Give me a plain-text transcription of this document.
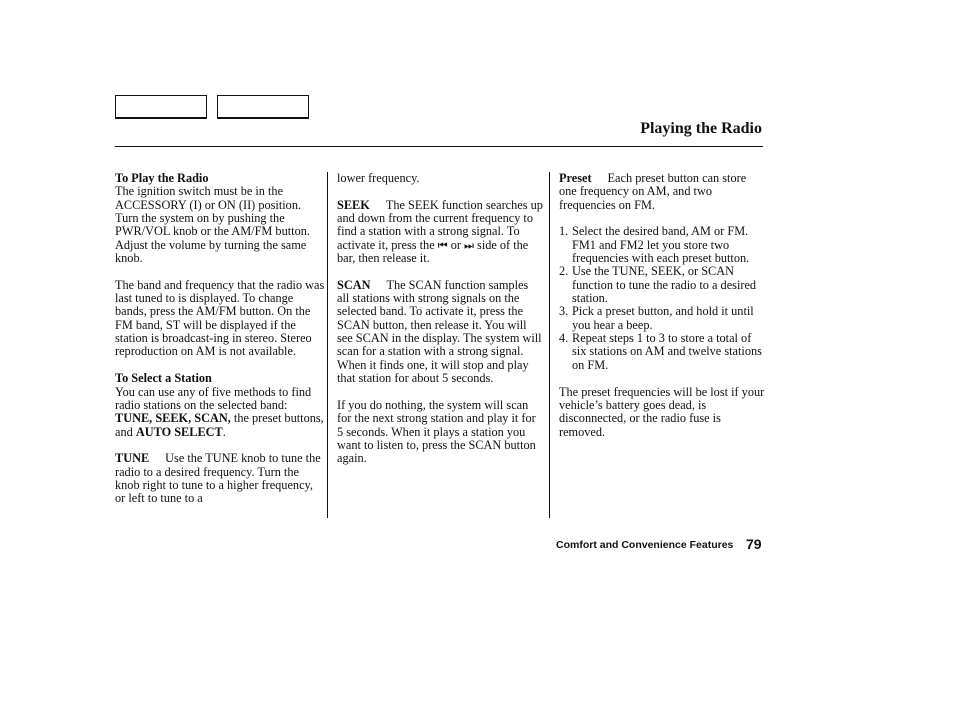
Playing the Radio
To Play the Radio

The ignition switch must be in the ACCESSORY (I) or ON (II) position. Turn the system on by pushing the PWR/VOL knob or the AM/FM button. Adjust the volume by turning the same knob.

The band and frequency that the radio was last tuned to is displayed. To change bands, press the AM/FM button. On the FM band, ST will be displayed if the station is broadcast-ing in stereo. Stereo reproduction on AM is not available.

To Select a Station

You can use any of five methods to find radio stations on the selected band: TUNE, SEEK, SCAN, the preset buttons, and AUTO SELECT.

TUNE Use the TUNE knob to tune the radio to a desired frequency. Turn the knob right to tune to a higher frequency, or left to tune to a

lower frequency.

SEEK The SEEK function searches up and down from the current frequency to find a station with a strong signal. To activate it, press the ⏮ or ⏭ side of the bar, then release it.

SCAN The SCAN function samples all stations with strong signals on the selected band. To activate it, press the SCAN button, then release it. You will see SCAN in the display. The system will scan for a station with a strong signal. When it finds one, it will stop and play that station for about 5 seconds.

If you do nothing, the system will scan for the next strong station and play it for 5 seconds. When it plays a station you want to listen to, press the SCAN button again.

Preset Each preset button can store one frequency on AM, and two frequencies on FM.

1. Select the desired band, AM or FM. FM1 and FM2 let you store two frequencies with each preset button.
2. Use the TUNE, SEEK, or SCAN function to tune the radio to a desired station.
3. Pick a preset button, and hold it until you hear a beep.
4. Repeat steps 1 to 3 to store a total of six stations on AM and twelve stations on FM.

The preset frequencies will be lost if your vehicle’s battery goes dead, is disconnected, or the radio fuse is removed.

Comfort and Convenience Features 79
